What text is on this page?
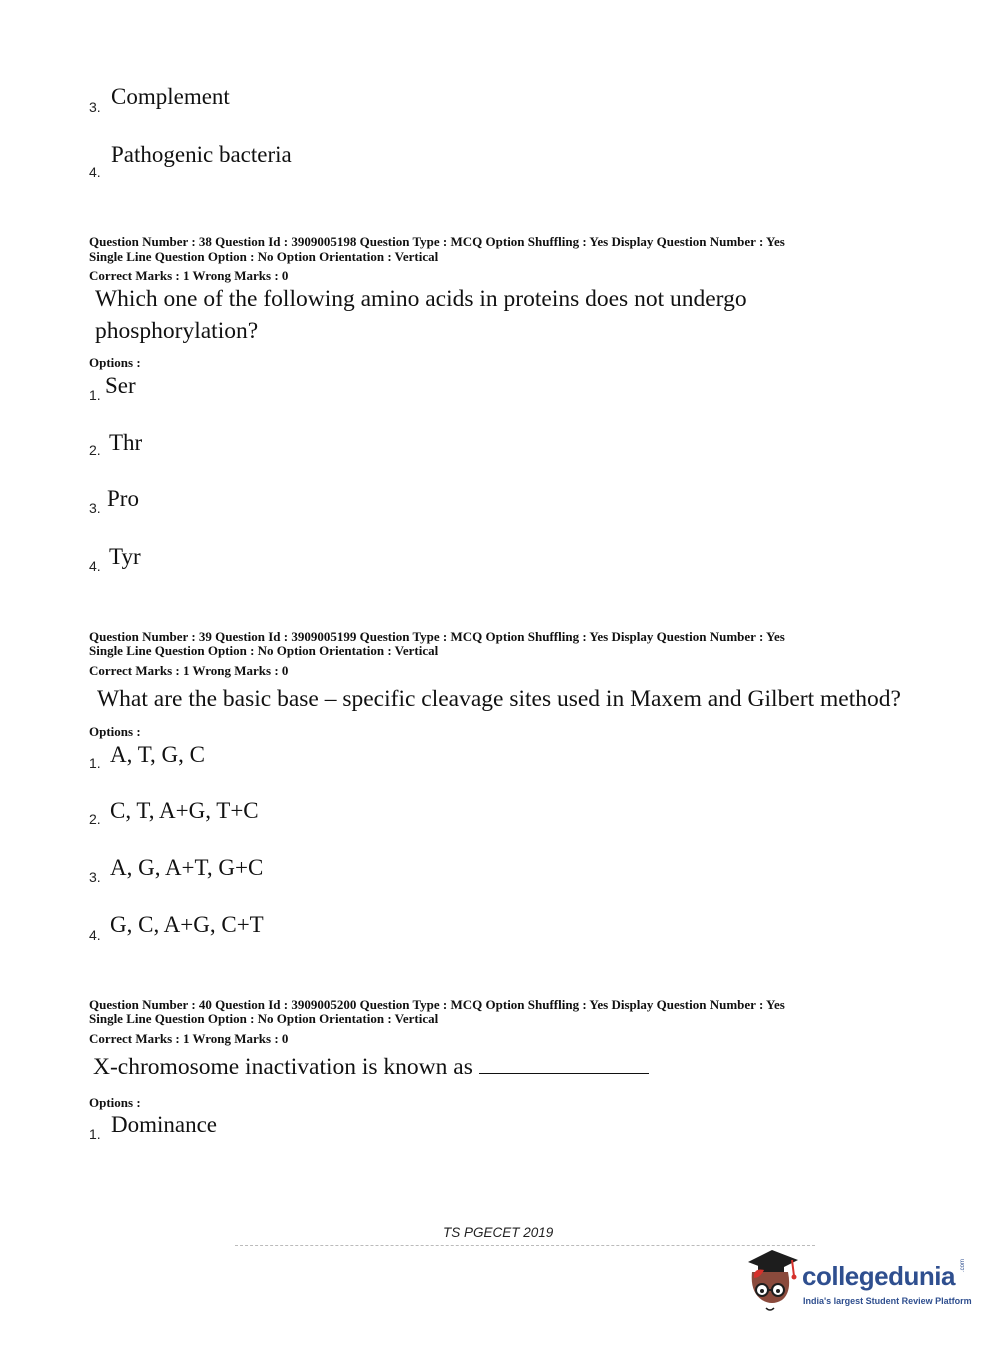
3. Complement
4.
Pathogenic bacteria
Question Number : 38 Question Id : 3909005198 Question Type : MCQ Option Shuffling : Yes Display Question Number : Yes
Single Line Question Option : No Option Orientation : Vertical
Correct Marks : 1 Wrong Marks : 0
Which one of the following amino acids in proteins does not undergo
phosphorylation?
Options :
1. Ser
2. Thr
3. Pro
4. Tyr
Question Number : 39 Question Id : 3909005199 Question Type : MCQ Option Shuffling : Yes Display Question Number : Yes
Single Line Question Option : No Option Orientation : Vertical
Correct Marks : 1 Wrong Marks : 0
What are the basic base – specific cleavage sites used in Maxem and Gilbert method?
Options :
1. A, T, G, C
2. C, T, A+G, T+C
3. A, G, A+T, G+C
4. G, C, A+G, C+T
Question Number : 40 Question Id : 3909005200 Question Type : MCQ Option Shuffling : Yes Display Question Number : Yes
Single Line Question Option : No Option Orientation : Vertical
Correct Marks : 1 Wrong Marks : 0
X-chromosome inactivation is known as
Options :
1. Dominance
TS PGECET 2019
collegedunia .com
India's largest Student Review Platform
